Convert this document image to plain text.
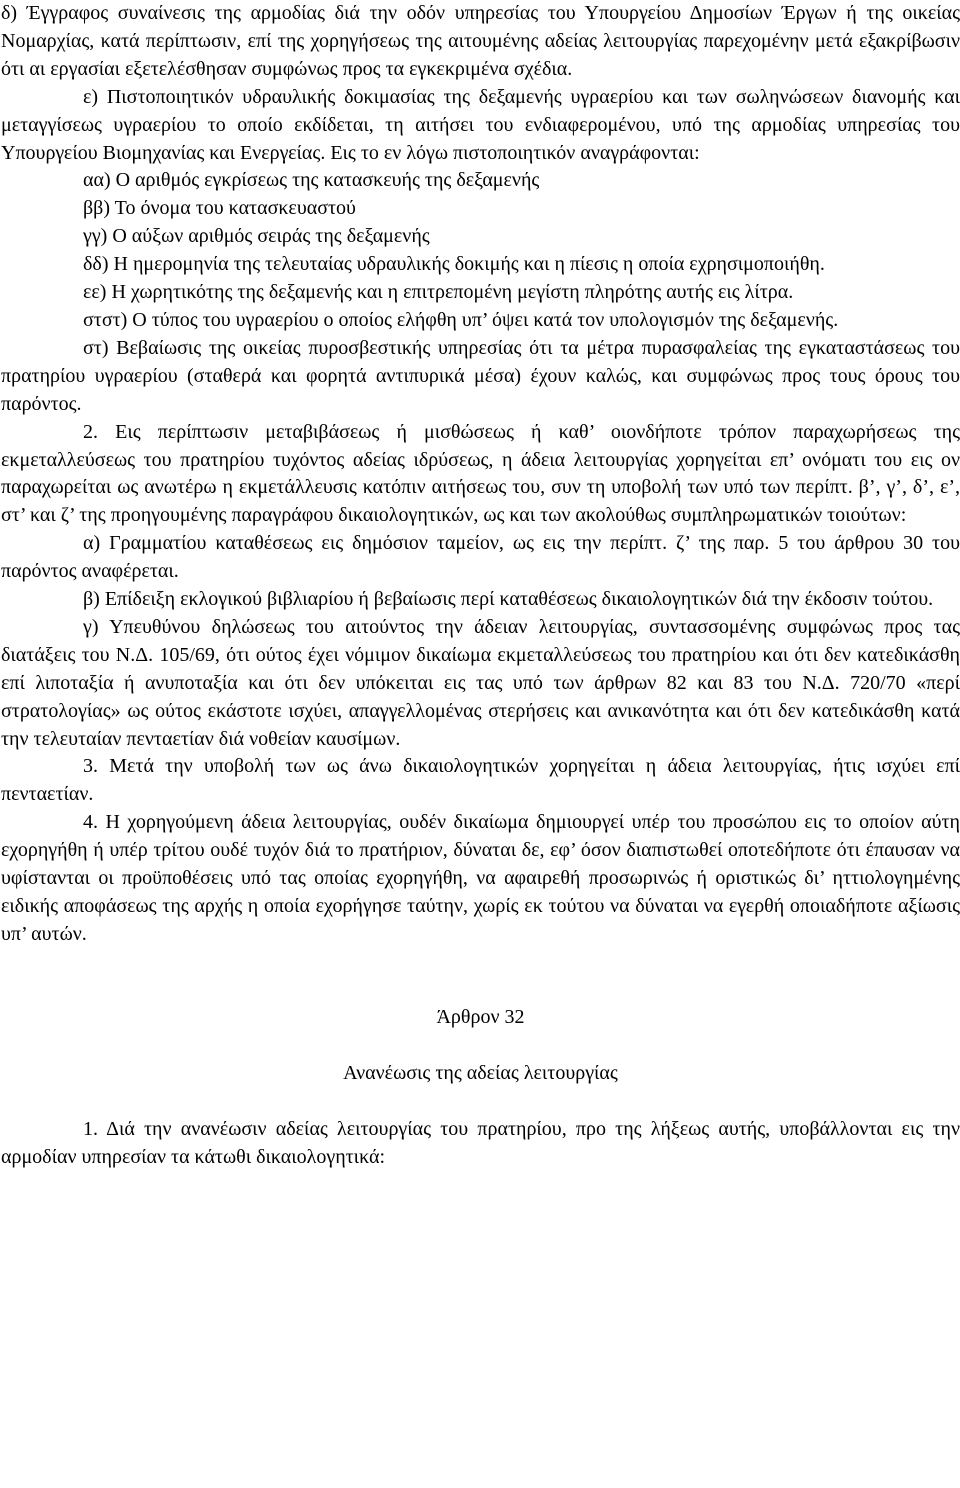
δ) Έγγραφος συναίνεσις της αρμοδίας διά την οδόν υπηρεσίας του Υπουργείου Δημοσίων Έργων ή της οικείας Νομαρχίας, κατά περίπτωσιν, επί της χορηγήσεως της αιτουμένης αδείας λειτουργίας παρεχομένην μετά εξακρίβωσιν ότι αι εργασίαι εξετελέσθησαν συμφώνως προς τα εγκεκριμένα σχέδια.

ε) Πιστοποιητικόν υδραυλικής δοκιμασίας της δεξαμενής υγραερίου και των σωληνώσεων διανομής και μεταγγίσεως υγραερίου το οποίο εκδίδεται, τη αιτήσει του ενδιαφερομένου, υπό της αρμοδίας υπηρεσίας του Υπουργείου Βιομηχανίας και Ενεργείας. Εις το εν λόγω πιστοποιητικόν αναγράφονται:

αα) Ο αριθμός εγκρίσεως της κατασκευής της δεξαμενής

ββ) Το όνομα του κατασκευαστού

γγ) Ο αύξων αριθμός σειράς της δεξαμενής

δδ) Η ημερομηνία της τελευταίας υδραυλικής δοκιμής και η πίεσις η οποία εχρησιμοποιήθη.

εε) Η χωρητικότης της δεξαμενής και η επιτρεπομένη μεγίστη πληρότης αυτής εις λίτρα.

στστ) Ο τύπος του υγραερίου ο οποίος ελήφθη υπ’ όψει κατά τον υπολογισμόν της δεξαμενής.

στ) Βεβαίωσις της οικείας πυροσβεστικής υπηρεσίας ότι τα μέτρα πυρασφαλείας της εγκαταστάσεως του πρατηρίου υγραερίου (σταθερά και φορητά αντιπυρικά μέσα) έχουν καλώς, και συμφώνως προς τους όρους του παρόντος.

2. Εις περίπτωσιν μεταβιβάσεως ή μισθώσεως ή καθ’ οιονδήποτε τρόπον παραχωρήσεως της εκμεταλλεύσεως του πρατηρίου τυχόντος αδείας ιδρύσεως, η άδεια λειτουργίας χορηγείται επ’ ονόματι του εις ον παραχωρείται ως ανωτέρω η εκμετάλλευσις κατόπιν αιτήσεως του, συν τη υποβολή των υπό των περίπτ. β’, γ’, δ’, ε’, στ’ και ζ’ της προηγουμένης παραγράφου δικαιολογητικών, ως και των ακολούθως συμπληρωματικών τοιούτων:

α) Γραμματίου καταθέσεως εις δημόσιον ταμείον, ως εις την περίπτ. ζ’ της παρ. 5 του άρθρου 30 του παρόντος αναφέρεται.

β) Επίδειξη εκλογικού βιβλιαρίου ή βεβαίωσις περί καταθέσεως δικαιολογητικών διά την έκδοσιν τούτου.

γ) Υπευθύνου δηλώσεως του αιτούντος την άδειαν λειτουργίας, συντασσομένης συμφώνως προς τας διατάξεις του Ν.Δ. 105/69, ότι ούτος έχει νόμιμον δικαίωμα εκμεταλλεύσεως του πρατηρίου και ότι δεν κατεδικάσθη επί λιποταξία ή ανυποταξία και ότι δεν υπόκειται εις τας υπό των άρθρων 82 και 83 του Ν.Δ. 720/70 «περί στρατολογίας» ως ούτος εκάστοτε ισχύει, απαγγελλομένας στερήσεις και ανικανότητα και ότι δεν κατεδικάσθη κατά την τελευταίαν πενταετίαν διά νοθείαν καυσίμων.

3. Μετά την υποβολή των ως άνω δικαιολογητικών χορηγείται η άδεια λειτουργίας, ήτις ισχύει επί πενταετίαν.

4. Η χορηγούμενη άδεια λειτουργίας, ουδέν δικαίωμα δημιουργεί υπέρ του προσώπου εις το οποίον αύτη εχορηγήθη ή υπέρ τρίτου ουδέ τυχόν διά το πρατήριον, δύναται δε, εφ’ όσον διαπιστωθεί οποτεδήποτε ότι έπαυσαν να υφίστανται οι προϋποθέσεις υπό τας οποίας εχορηγήθη, να αφαιρεθή προσωρινώς ή οριστικώς δι’ ηττιολογημένης ειδικής αποφάσεως της αρχής η οποία εχορήγησε ταύτην, χωρίς εκ τούτου να δύναται να εγερθή οποιαδήποτε αξίωσις υπ’ αυτών.

Άρθρον 32

Ανανέωσις της αδείας λειτουργίας

1. Διά την ανανέωσιν αδείας λειτουργίας του πρατηρίου, προ της λήξεως αυτής, υποβάλλονται εις την αρμοδίαν υπηρεσίαν τα κάτωθι δικαιολογητικά:
